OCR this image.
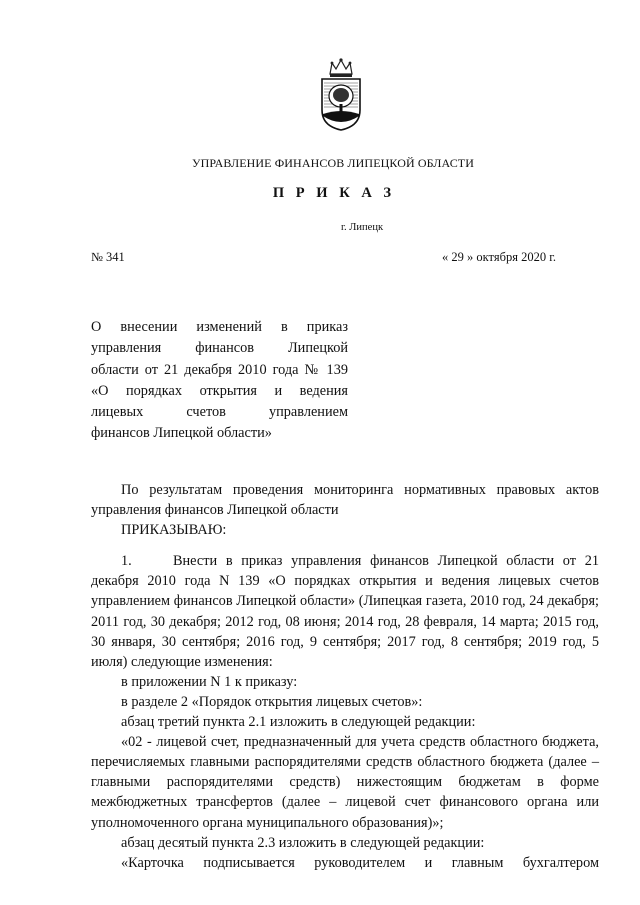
УПРАВЛЕНИЕ ФИНАНСОВ ЛИПЕЦКОЙ ОБЛАСТИ
П Р И К А З
г. Липецк
№ 341	« 29 » октября 2020 г.
О внесении изменений в приказ
управления финансов Липецкой
области от 21 декабря 2010 года № 139
«О порядках открытия и ведения
лицевых счетов управлением
финансов Липецкой области»

По результатам проведения мониторинга нормативных правовых актов управления финансов Липецкой области

ПРИКАЗЫВАЮ:

1.	Внести в приказ управления финансов Липецкой области от 21 декабря 2010 года N 139 «О порядках открытия и ведения лицевых счетов управлением финансов Липецкой области» (Липецкая газета, 2010 год, 24 декабря; 2011 год, 30 декабря; 2012 год, 08 июня; 2014 год, 28 февраля, 14 марта; 2015 год, 30 января, 30 сентября; 2016 год, 9 сентября; 2017 год, 8 сентября; 2019 год, 5 июля) следующие изменения:

в приложении N 1 к приказу:

в разделе 2 «Порядок открытия лицевых счетов»:

абзац третий пункта 2.1 изложить в следующей редакции:

«02 - лицевой счет, предназначенный для учета средств областного бюджета, перечисляемых главными распорядителями средств областного бюджета (далее – главными распорядителями средств) нижестоящим бюджетам в форме межбюджетных трансфертов (далее – лицевой счет финансового органа или уполномоченного органа муниципального образования)»;

абзац десятый пункта 2.3 изложить в следующей редакции:

«Карточка подписывается руководителем и главным бухгалтером
